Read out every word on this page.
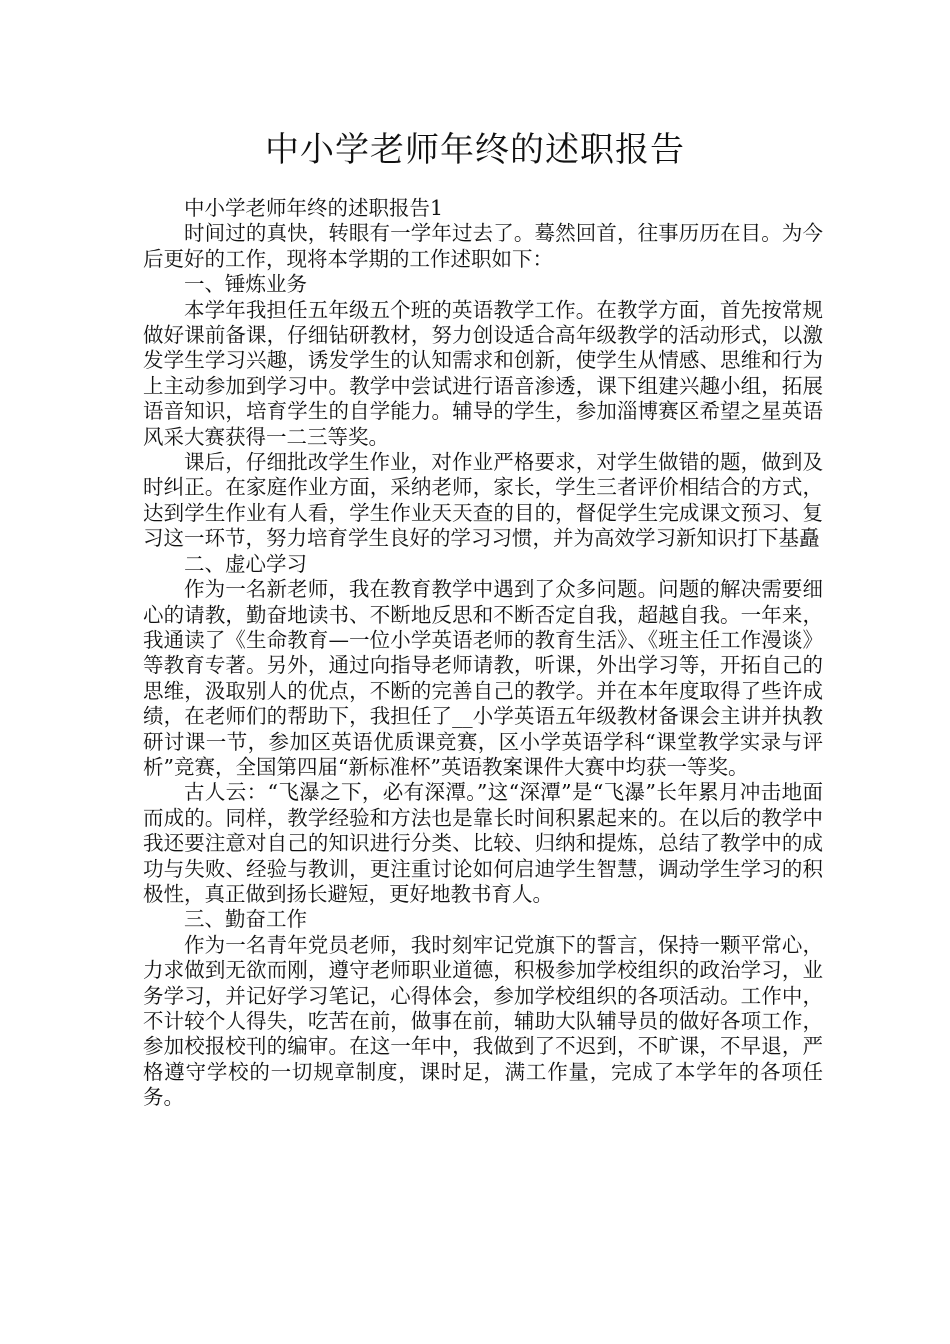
中小学老师年终的述职报告

中小学老师年终的述职报告1

时间过的真快，转眼有一学年过去了。蓦然回首，往事历历在目。为今后更好的工作，现将本学期的工作述职如下：

一、锤炼业务

本学年我担任五年级五个班的英语教学工作。在教学方面，首先按常规做好课前备课，仔细钻研教材，努力创设适合高年级教学的活动形式，以激发学生学习兴趣，诱发学生的认知需求和创新，使学生从情感、思维和行为上主动参加到学习中。教学中尝试进行语音渗透，课下组建兴趣小组，拓展语音知识，培育学生的自学能力。辅导的学生，参加淄博赛区希望之星英语风采大赛获得一二三等奖。

课后，仔细批改学生作业，对作业严格要求，对学生做错的题，做到及时纠正。在家庭作业方面，采纳老师，家长，学生三者评价相结合的方式，达到学生作业有人看，学生作业天天查的目的，督促学生完成课文预习、复习这一环节，努力培育学生良好的学习习惯，并为高效学习新知识打下基矗

二、虚心学习

作为一名新老师，我在教育教学中遇到了众多问题。问题的解决需要细心的请教，勤奋地读书、不断地反思和不断否定自我，超越自我。一年来，我通读了《生命教育—一位小学英语老师的教育生活》、《班主任工作漫谈》等教育专著。另外，通过向指导老师请教，听课，外出学习等，开拓自己的思维，汲取别人的优点，不断的完善自己的教学。并在本年度取得了些许成绩，在老师们的帮助下，我担任了__小学英语五年级教材备课会主讲并执教研讨课一节，参加区英语优质课竞赛，区小学英语学科“课堂教学实录与评析”竞赛，全国第四届“新标准杯”英语教案课件大赛中均获一等奖。

古人云：“飞瀑之下，必有深潭。”这“深潭”是“飞瀑”长年累月冲击地面而成的。同样，教学经验和方法也是靠长时间积累起来的。在以后的教学中我还要注意对自己的知识进行分类、比较、归纳和提炼，总结了教学中的成功与失败、经验与教训，更注重讨论如何启迪学生智慧，调动学生学习的积极性，真正做到扬长避短，更好地教书育人。

三、勤奋工作

作为一名青年党员老师，我时刻牢记党旗下的誓言，保持一颗平常心，力求做到无欲而刚，遵守老师职业道德，积极参加学校组织的政治学习，业务学习，并记好学习笔记，心得体会，参加学校组织的各项活动。工作中，不计较个人得失，吃苦在前，做事在前，辅助大队辅导员的做好各项工作，参加校报校刊的编审。在这一年中，我做到了不迟到，不旷课，不早退，严格遵守学校的一切规章制度，课时足，满工作量，完成了本学年的各项任务。
